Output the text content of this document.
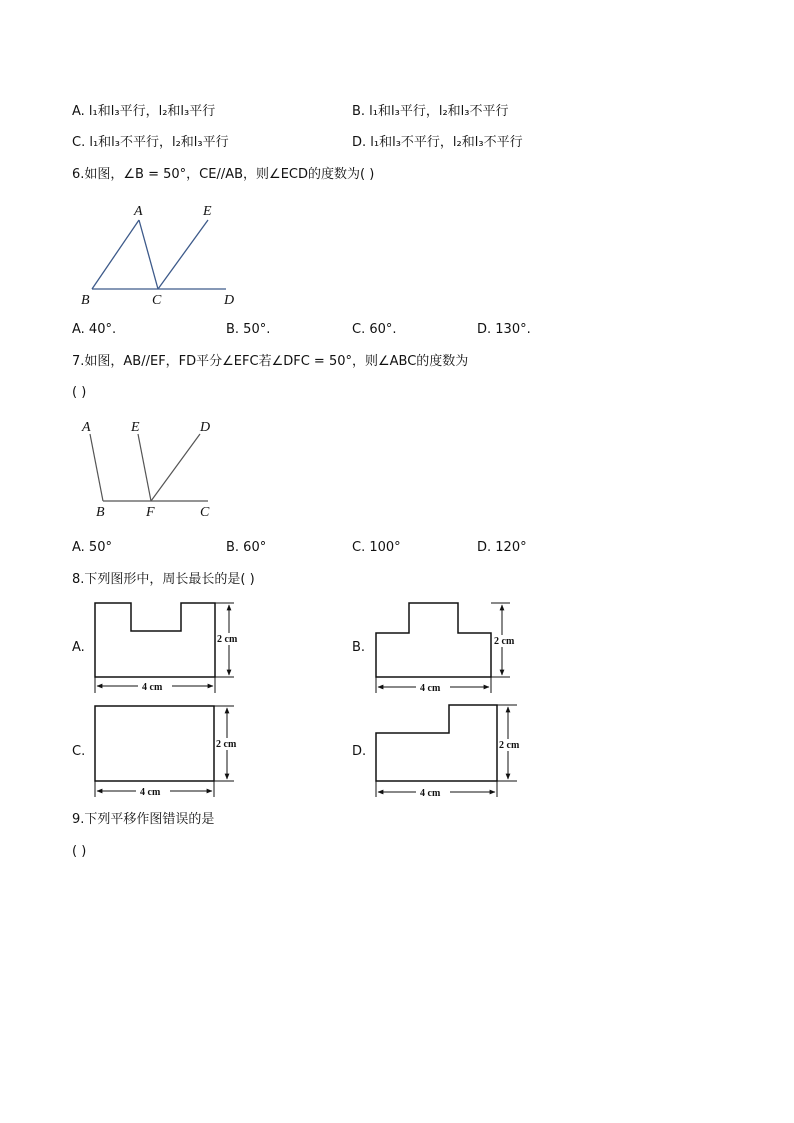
A. l₁和l₃平行，l₂和l₃平行	B. l₁和l₃平行，l₂和l₃不平行
C. l₁和l₃不平行，l₂和l₃平行	D. l₁和l₃不平行，l₂和l₃不平行
6.如图，∠B = 50°，CE//AB，则∠ECD的度数为( )
A	E
B	C	D
A. 40°.	B. 50°.	C. 60°.	D. 130°.
7.如图，AB//EF，FD平分∠EFC若∠DFC = 50°，则∠ABC的度数为
( )
A	E	D
B	F	C
A. 50°	B. 60°	C. 100°	D. 120°
8.下列图形中，周长最长的是( )
A.
4 cm
2 cm
B.
4 cm
2 cm
C.
4 cm
2 cm	D.
4 cm
2 cm
9.下列平移作图错误的是
( )
